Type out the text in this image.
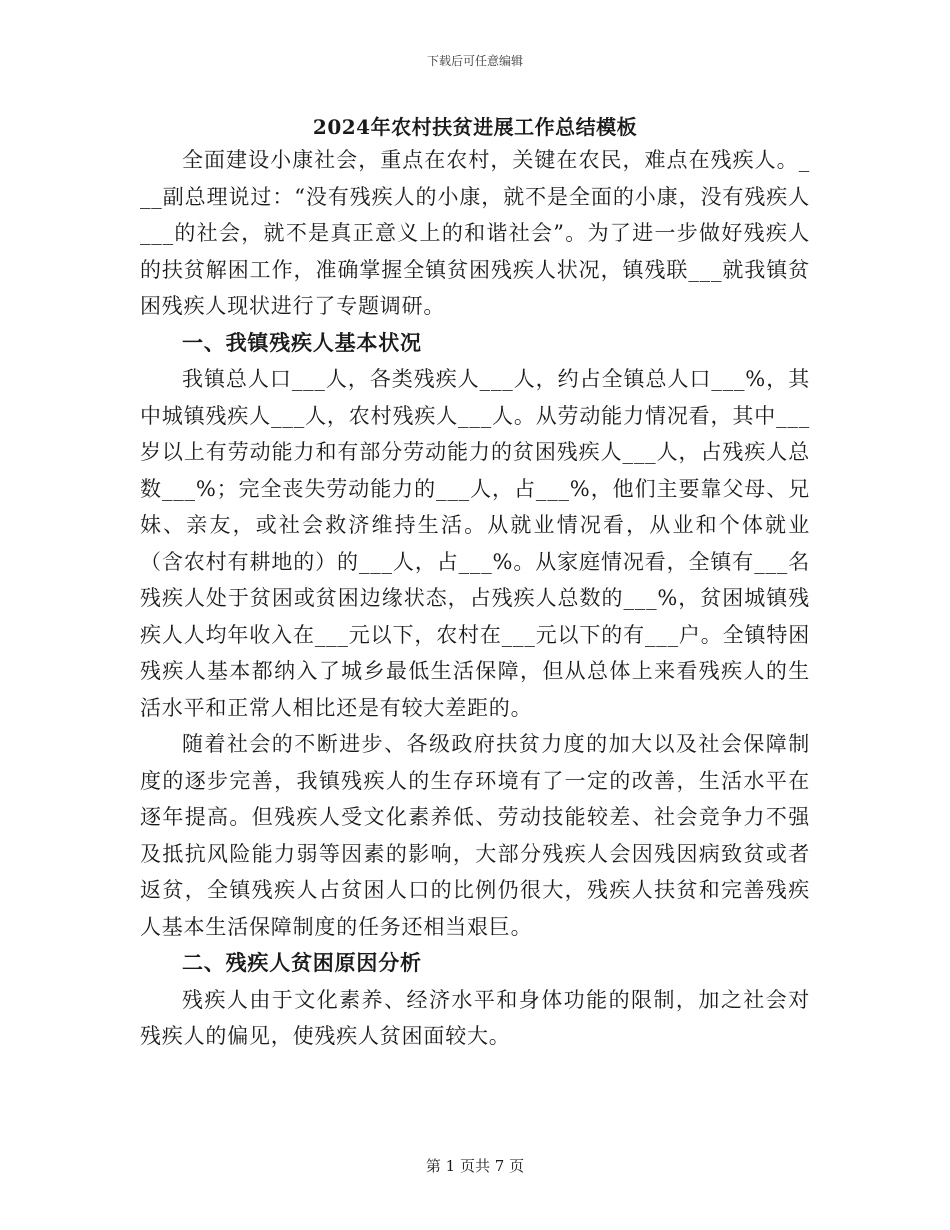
下载后可任意编辑
2024年农村扶贫进展工作总结模板

全面建设小康社会，重点在农村，关键在农民，难点在残疾人。___副总理说过：“没有残疾人的小康，就不是全面的小康，没有残疾人___的社会，就不是真正意义上的和谐社会”。为了进一步做好残疾人的扶贫解困工作，准确掌握全镇贫困残疾人状况，镇残联___就我镇贫困残疾人现状进行了专题调研。

一、我镇残疾人基本状况

我镇总人口___人，各类残疾人___人，约占全镇总人口___%，其中城镇残疾人___人，农村残疾人___人。从劳动能力情况看，其中___岁以上有劳动能力和有部分劳动能力的贫困残疾人___人，占残疾人总数___%；完全丧失劳动能力的___人，占___%，他们主要靠父母、兄妹、亲友，或社会救济维持生活。从就业情况看，从业和个体就业（含农村有耕地的）的___人，占___%。从家庭情况看，全镇有___名残疾人处于贫困或贫困边缘状态，占残疾人总数的___%，贫困城镇残疾人人均年收入在___元以下，农村在___元以下的有___户。全镇特困残疾人基本都纳入了城乡最低生活保障，但从总体上来看残疾人的生活水平和正常人相比还是有较大差距的。

随着社会的不断进步、各级政府扶贫力度的加大以及社会保障制度的逐步完善，我镇残疾人的生存环境有了一定的改善，生活水平在逐年提高。但残疾人受文化素养低、劳动技能较差、社会竞争力不强及抵抗风险能力弱等因素的影响，大部分残疾人会因残因病致贫或者返贫，全镇残疾人占贫困人口的比例仍很大，残疾人扶贫和完善残疾人基本生活保障制度的任务还相当艰巨。

二、残疾人贫困原因分析

残疾人由于文化素养、经济水平和身体功能的限制，加之社会对残疾人的偏见，使残疾人贫困面较大。

第 1 页共 7 页
